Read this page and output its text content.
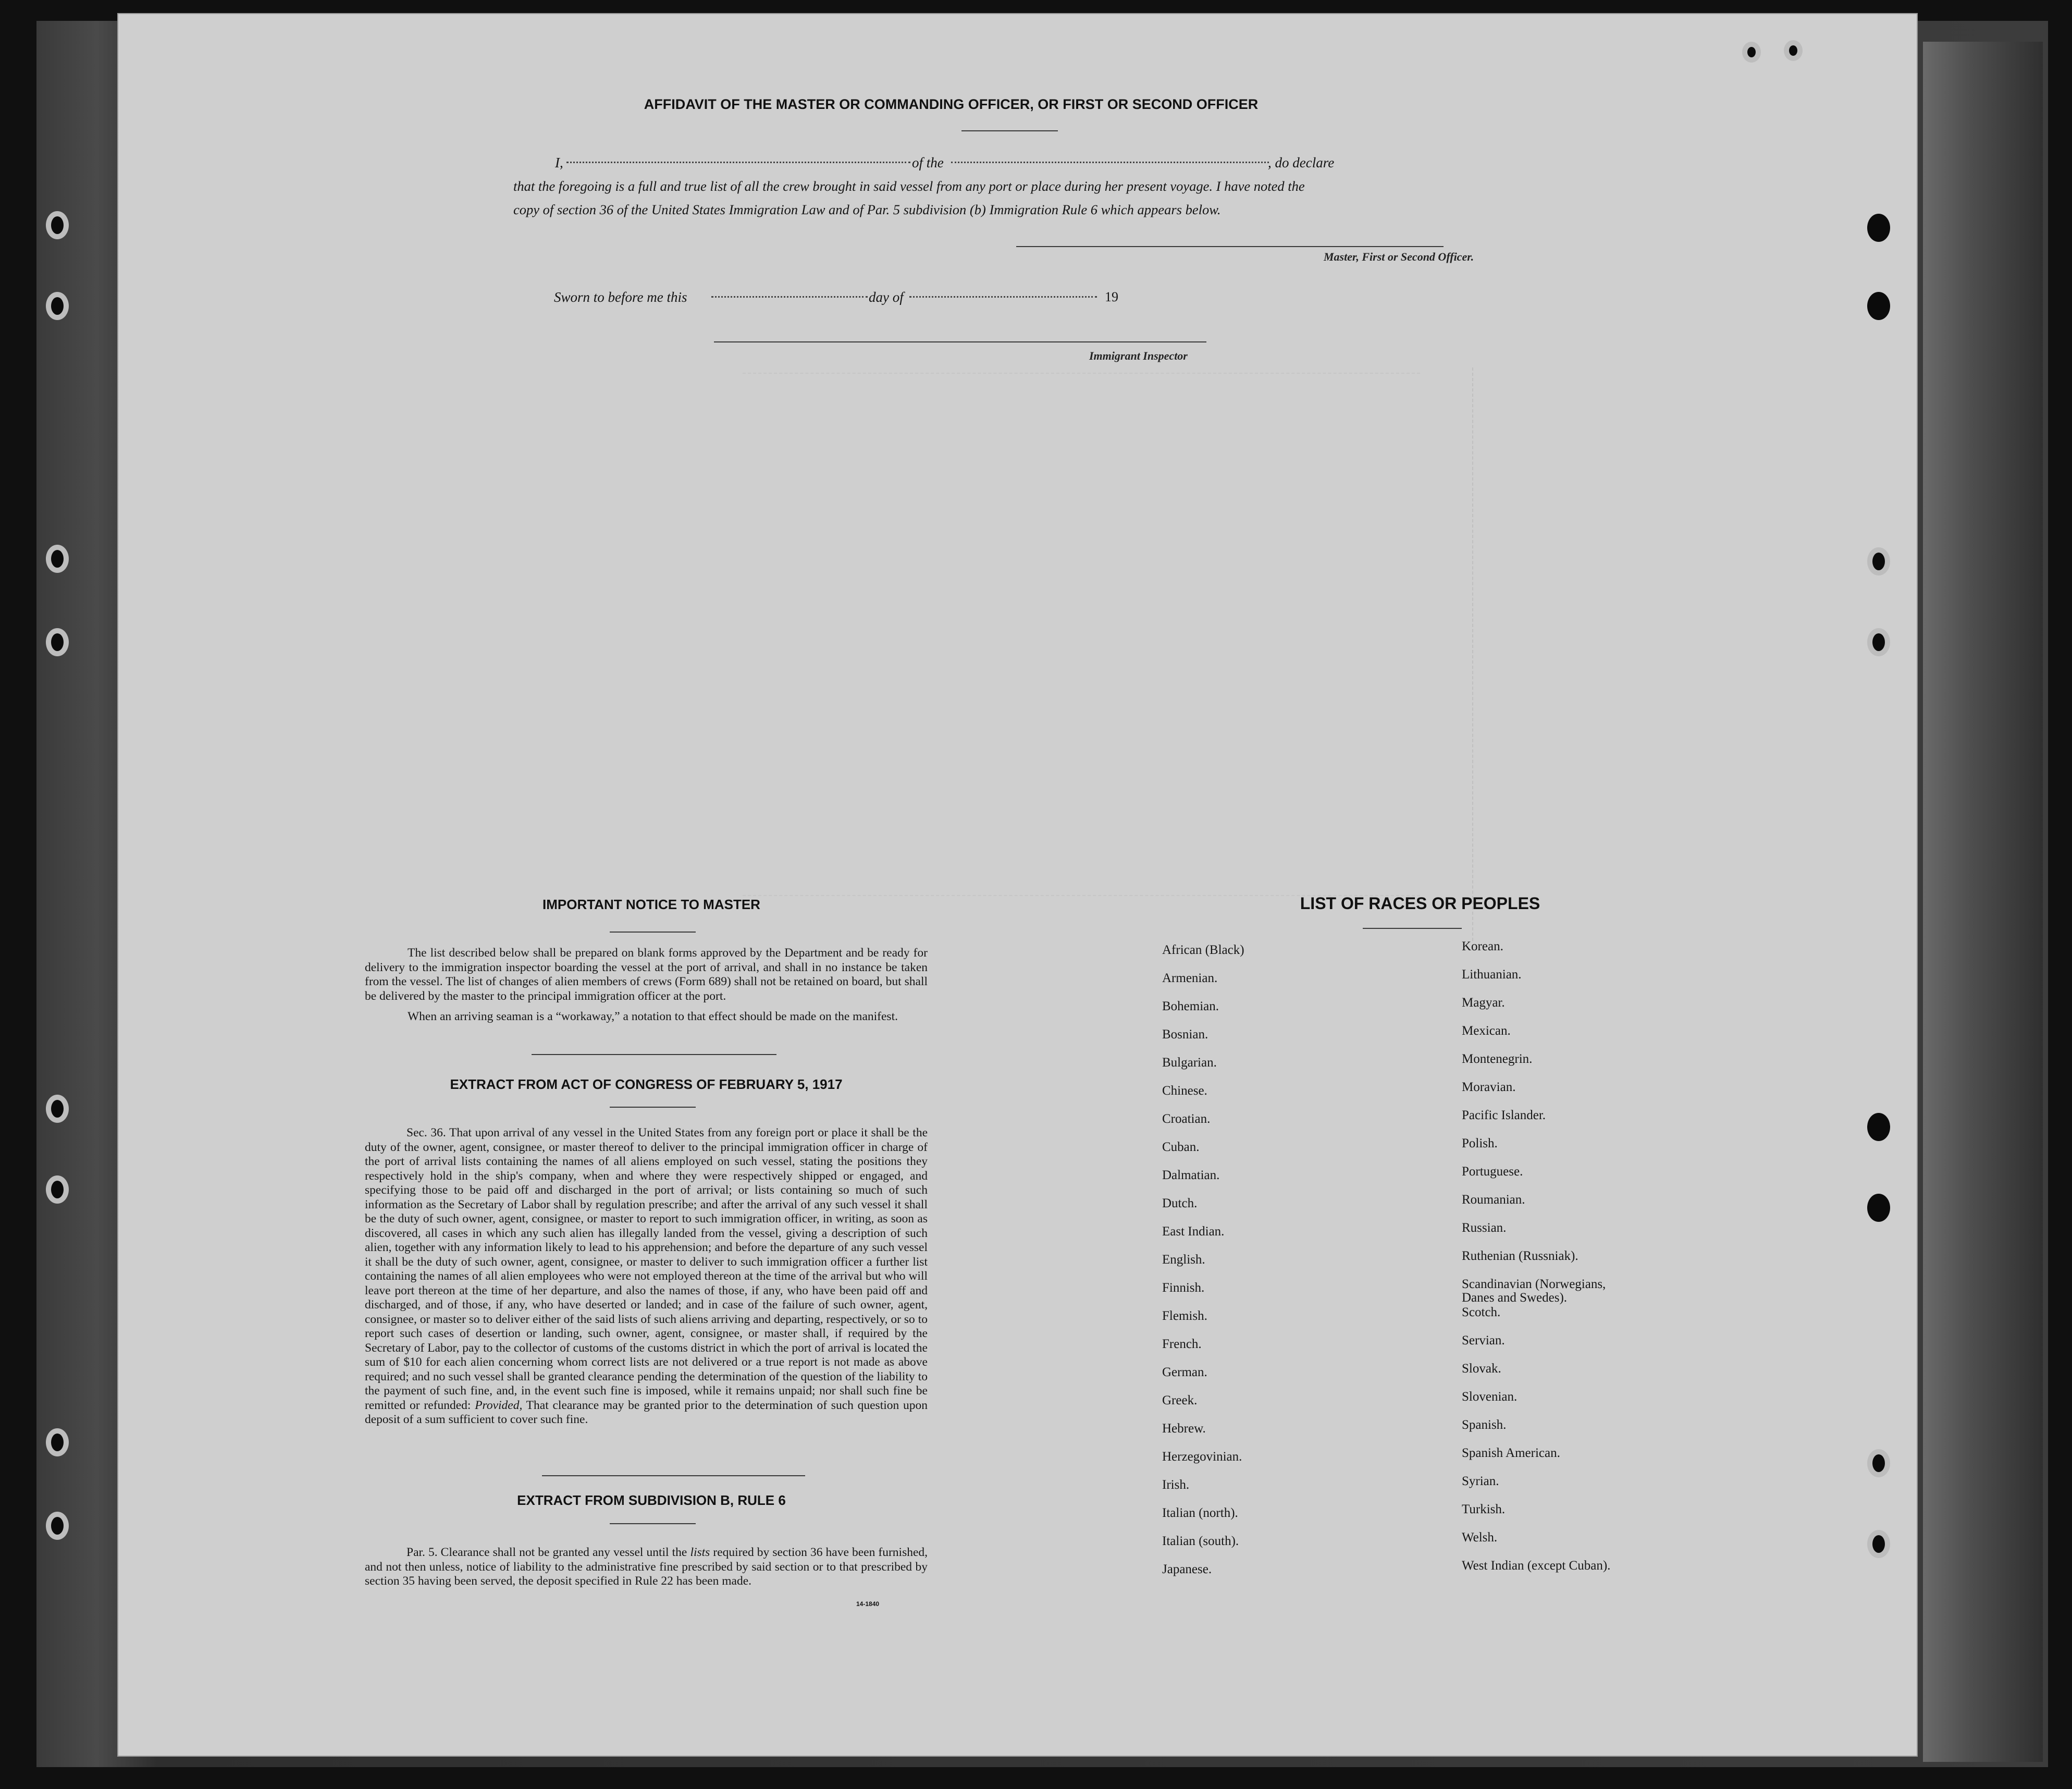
AFFIDAVIT OF THE MASTER OR COMMANDING OFFICER, OR FIRST OR SECOND OFFICER
I,	of the	, do declare
that the foregoing is a full and true list of all the crew brought in said vessel from any port or place during her present voyage. I have noted the
copy of section 36 of the United States Immigration Law and of Par. 5 subdivision (b) Immigration Rule 6 which appears below.
Master, First or Second Officer.
Sworn to before me this	day of	19
Immigrant Inspector
IMPORTANT NOTICE TO MASTER
The list described below shall be prepared on blank forms approved by the Department and be ready for delivery to the immigration inspector boarding the vessel at the port of arrival, and shall in no instance be taken from the vessel. The list of changes of alien members of crews (Form 689) shall not be retained on board, but shall be delivered by the master to the principal immigration officer at the port.
When an arriving seaman is a “workaway,” a notation to that effect should be made on the manifest.
EXTRACT FROM ACT OF CONGRESS OF FEBRUARY 5, 1917
Sec. 36. That upon arrival of any vessel in the United States from any foreign port or place it shall be the duty of the owner, agent, consignee, or master thereof to deliver to the principal immigration officer in charge of the port of arrival lists containing the names of all aliens employed on such vessel, stating the positions they respectively hold in the ship's company, when and where they were respectively shipped or engaged, and specifying those to be paid off and discharged in the port of arrival; or lists containing so much of such information as the Secretary of Labor shall by regulation prescribe; and after the arrival of any such vessel it shall be the duty of such owner, agent, consignee, or master to report to such immigration officer, in writing, as soon as discovered, all cases in which any such alien has illegally landed from the vessel, giving a description of such alien, together with any information likely to lead to his apprehension; and before the departure of any such vessel it shall be the duty of such owner, agent, consignee, or master to deliver to such immigration officer a further list containing the names of all alien employees who were not employed thereon at the time of the arrival but who will leave port thereon at the time of her departure, and also the names of those, if any, who have been paid off and discharged, and of those, if any, who have deserted or landed; and in case of the failure of such owner, agent, consignee, or master so to deliver either of the said lists of such aliens arriving and departing, respectively, or so to report such cases of desertion or landing, such owner, agent, consignee, or master shall, if required by the Secretary of Labor, pay to the collector of customs of the customs district in which the port of arrival is located the sum of $10 for each alien concerning whom correct lists are not delivered or a true report is not made as above required; and no such vessel shall be granted clearance pending the determination of the question of the liability to the payment of such fine, and, in the event such fine is imposed, while it remains unpaid; nor shall such fine be remitted or refunded: Provided, That clearance may be granted prior to the determination of such question upon deposit of a sum sufficient to cover such fine.
EXTRACT FROM SUBDIVISION B, RULE 6
Par. 5. Clearance shall not be granted any vessel until the lists required by section 36 have been furnished, and not then unless, notice of liability to the administrative fine prescribed by said section or to that prescribed by section 35 having been served, the deposit specified in Rule 22 has been made.
14-1840
LIST OF RACES OR PEOPLES
African (Black)
Armenian.
Bohemian.
Bosnian.
Bulgarian.
Chinese.
Croatian.
Cuban.
Dalmatian.
Dutch.
East Indian.
English.
Finnish.
Flemish.
French.
German.
Greek.
Hebrew.
Herzegovinian.
Irish.
Italian (north).
Italian (south).
Japanese.
Korean.
Lithuanian.
Magyar.
Mexican.
Montenegrin.
Moravian.
Pacific Islander.
Polish.
Portuguese.
Roumanian.
Russian.
Ruthenian (Russniak).
Scandinavian (Norwegians,
Danes and Swedes).
Scotch.
Servian.
Slovak.
Slovenian.
Spanish.
Spanish American.
Syrian.
Turkish.
Welsh.
West Indian (except Cuban).
